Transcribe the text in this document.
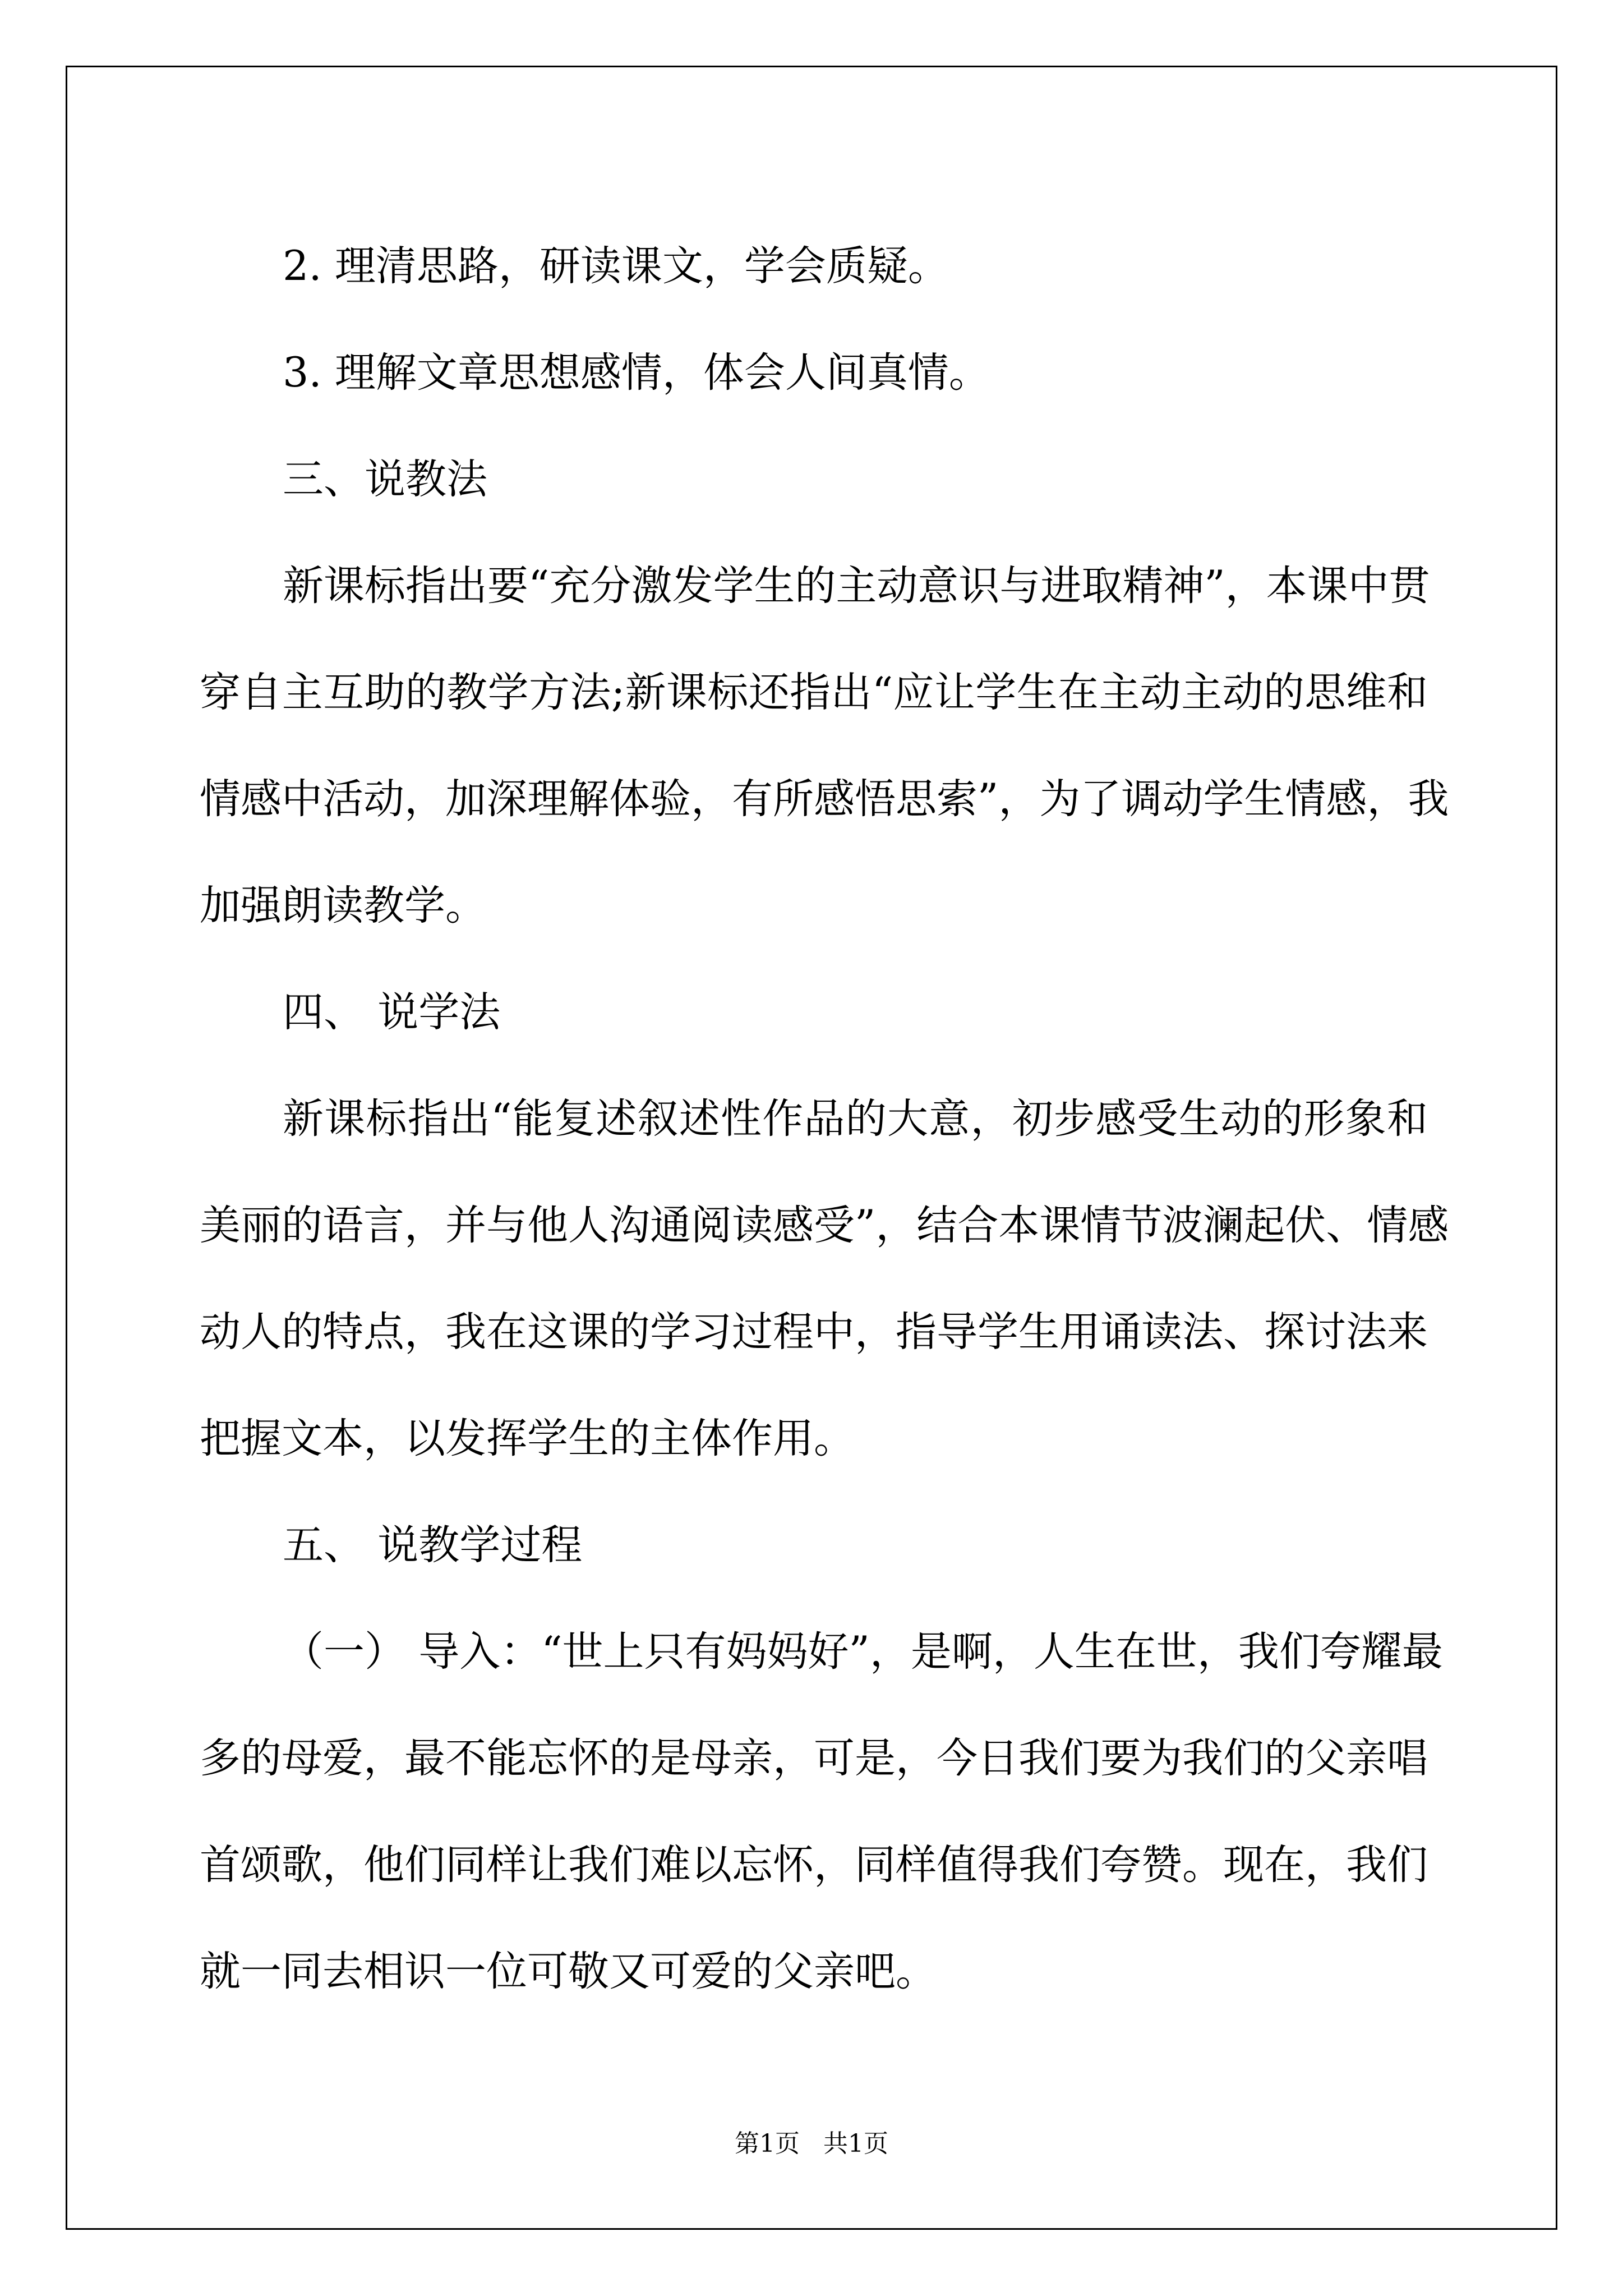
2. 理清思路，研读课文，学会质疑。
3. 理解文章思想感情，体会人间真情。
三、说教法
新课标指出要“充分激发学生的主动意识与进取精神”，本课中贯
穿自主互助的教学方法;新课标还指出“应让学生在主动主动的思维和
情感中活动，加深理解体验，有所感悟思索”，为了调动学生情感，我
加强朗读教学。
四、 说学法
新课标指出“能复述叙述性作品的大意，初步感受生动的形象和
美丽的语言，并与他人沟通阅读感受”，结合本课情节波澜起伏、情感
动人的特点，我在这课的学习过程中，指导学生用诵读法、探讨法来
把握文本，以发挥学生的主体作用。
五、 说教学过程
（一） 导入：“世上只有妈妈好”，是啊，人生在世，我们夸耀最
多的母爱，最不能忘怀的是母亲，可是，今日我们要为我们的父亲唱
首颂歌，他们同样让我们难以忘怀，同样值得我们夸赞。现在，我们
就一同去相识一位可敬又可爱的父亲吧。
第1页   共1页
